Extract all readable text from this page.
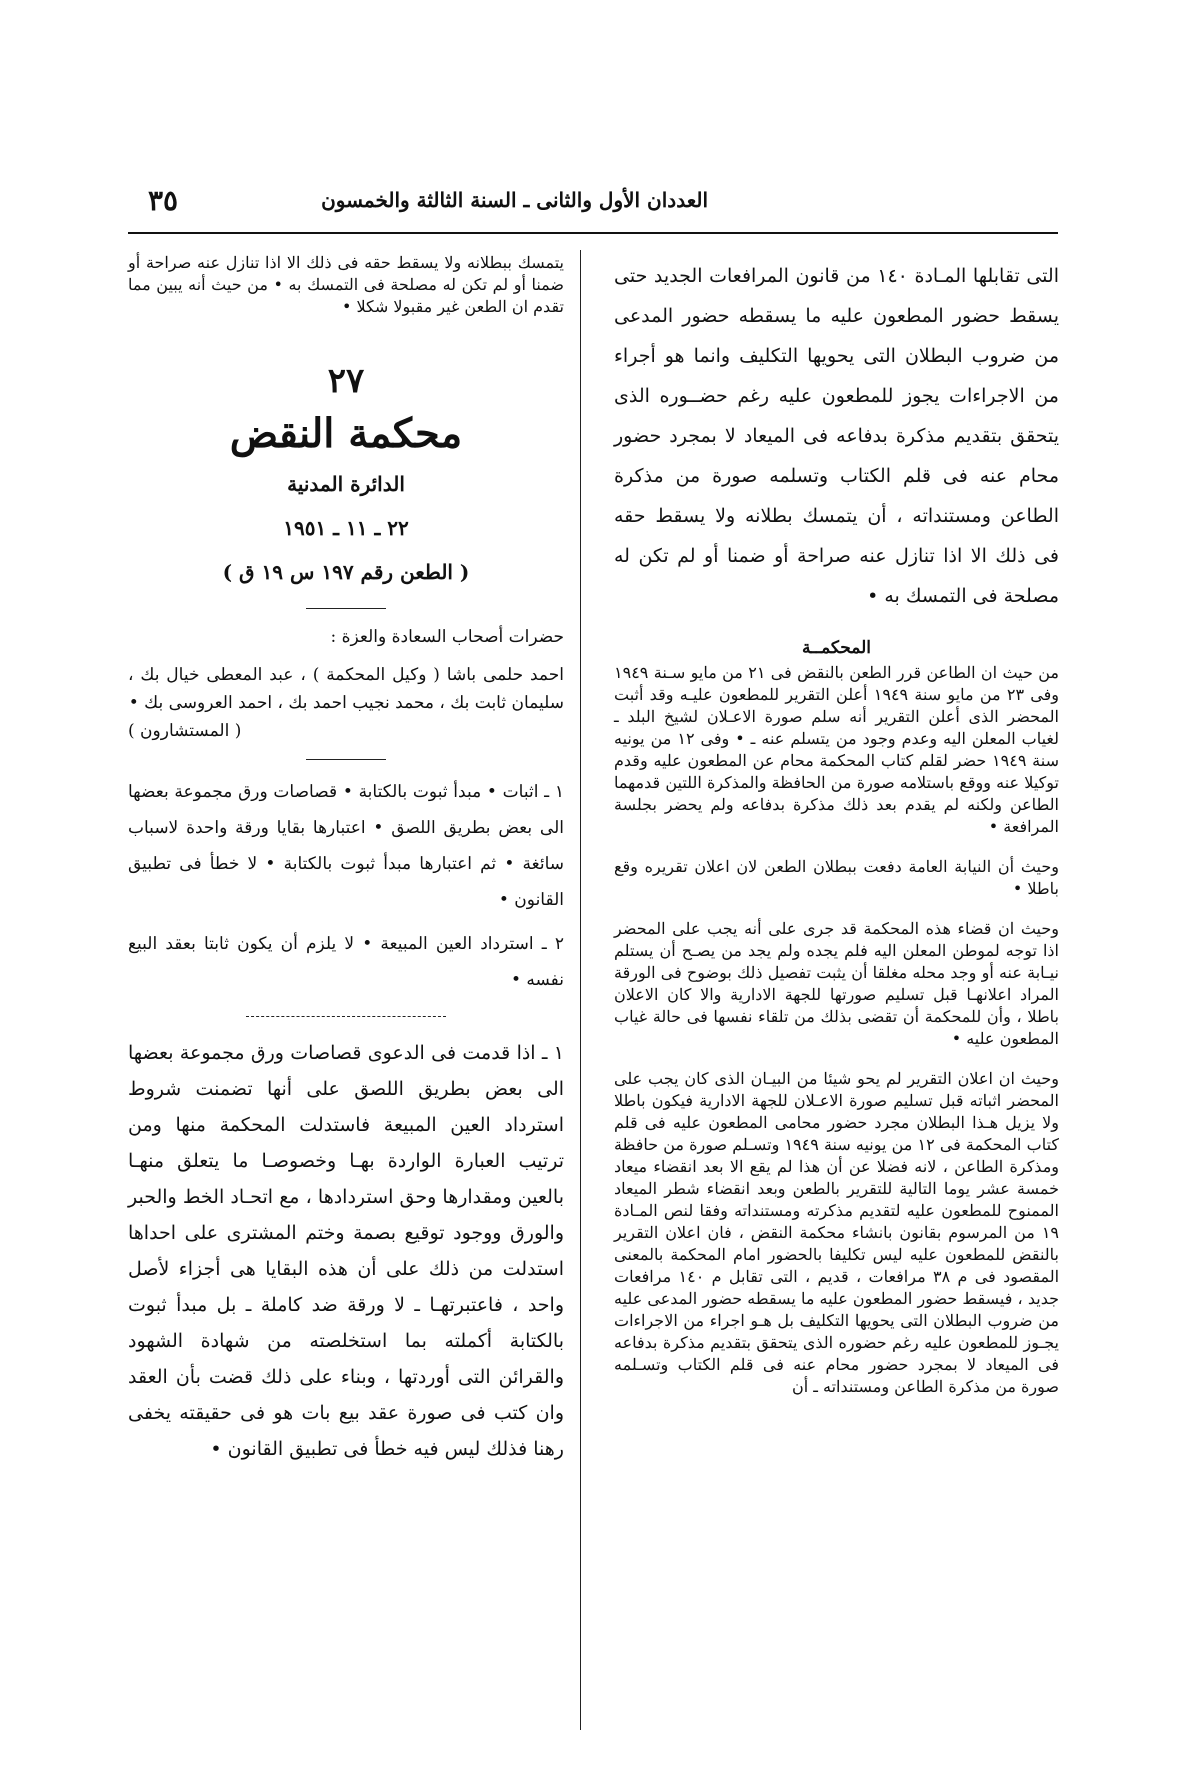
العددان الأول والثانى ـ السنة الثالثة والخمسون
٣٥

التى تقابلها المـادة ١٤٠ من قانون المرافعات الجديد حتى يسقط حضور المطعون عليه ما يسقطه حضور المدعى من ضروب البطلان التى يحويها التكليف وانما هو أجراء من الاجراءات يجوز للمطعون عليه رغم حضــوره الذى يتحقق بتقديم مذكرة بدفاعه فى الميعاد لا بمجرد حضور محام عنه فى قلم الكتاب وتسلمه صورة من مذكرة الطاعن ومستنداته ، أن يتمسك بطلانه ولا يسقط حقه فى ذلك الا اذا تنازل عنه صراحة أو ضمنا أو لم تكن له مصلحة فى التمسك به •

المحكمــة

من حيث ان الطاعن قرر الطعن بالنقض فى ٢١ من مايو سـنة ١٩٤٩ وفى ٢٣ من مايو سنة ١٩٤٩ أعلن التقرير للمطعون عليـه وقد أثبت المحضر الذى أعلن التقرير أنه سلم صورة الاعـلان لشيخ البلد ـ لغياب المعلن اليه وعدم وجود من يتسلم عنه ـ • وفى ١٢ من يونيه سنة ١٩٤٩ حضر لقلم كتاب المحكمة محام عن المطعون عليه وقدم توكيلا عنه ووقع باستلامه صورة من الحافظة والمذكرة اللتين قدمهما الطاعن ولكنه لم يقدم بعد ذلك مذكرة بدفاعه ولم يحضر بجلسة المرافعة •

وحيث أن النيابة العامة دفعت ببطلان الطعن لان اعلان تقريره وقع باطلا •

وحيث ان قضاء هذه المحكمة قد جرى على أنه يجب على المحضر اذا توجه لموطن المعلن اليه فلم يجده ولم يجد من يصـح أن يستلم نيـابة عنه أو وجد محله مغلقا أن يثبت تفصيل ذلك بوضوح فى الورقة المراد اعلانهـا قبل تسليم صورتها للجهة الادارية والا كان الاعلان باطلا ، وأن للمحكمة أن تقضى بذلك من تلقاء نفسها فى حالة غياب المطعون عليه •

وحيث ان اعلان التقرير لم يحو شيئا من البيـان الذى كان يجب على المحضر اثباته قبل تسليم صورة الاعـلان للجهة الادارية فيكون باطلا ولا يزيل هـذا البطلان مجرد حضور محامى المطعون عليه فى قلم كتاب المحكمة فى ١٢ من يونيه سنة ١٩٤٩ وتسـلم صورة من حافظة ومذكرة الطاعن ، لانه فضلا عن أن هذا لم يقع الا بعد انقضاء ميعاد خمسة عشر يوما التالية للتقرير بالطعن وبعد انقضاء شطر الميعاد الممنوح للمطعون عليه لتقديم مذكرته ومستنداته وفقا لنص المـادة ١٩ من المرسوم بقانون بانشاء محكمة النقض ، فان اعلان التقرير بالنقض للمطعون عليه ليس تكليفا بالحضور امام المحكمة بالمعنى المقصود فى م ٣٨ مرافعات ، قديم ، التى تقابل م ١٤٠ مرافعات جديد ، فيسقط حضور المطعون عليه ما يسقطه حضور المدعى عليه من ضروب البطلان التى يحويها التكليف بل هـو اجراء من الاجراءات يجـوز للمطعون عليه رغم حضوره الذى يتحقق بتقديم مذكرة بدفاعه فى الميعاد لا بمجرد حضور محام عنه فى قلم الكتاب وتسـلمه صورة من مذكرة الطاعن ومستنداته ـ أن

يتمسك ببطلانه ولا يسقط حقه فى ذلك الا اذا تنازل عنه صراحة أو ضمنا أو لم تكن له مصلحة فى التمسك به • من حيث أنه يبين مما تقدم ان الطعن غير مقبولا شكلا •

٢٧

محكمة النقض

الدائرة المدنية

٢٢ ـ ١١ ـ ١٩٥١

( الطعن رقم ١٩٧ س ١٩ ق )

حضرات أصحاب السعادة والعزة :

احمد حلمى باشا ( وكيل المحكمة ) ، عبد المعطى خيال بك ، سليمان ثابت بك ، محمد نجيب احمد بك ، احمد العروسى بك •

( المستشارون )

١ ـ اثبات • مبدأ ثبوت بالكتابة • قصاصات ورق مجموعة بعضها الى بعض بطريق اللصق • اعتبارها بقايا ورقة واحدة لاسباب سائغة • ثم اعتبارها مبدأ ثبوت بالكتابة • لا خطأ فى تطبيق القانون •

٢ ـ استرداد العين المبيعة • لا يلزم أن يكون ثابتا بعقد البيع نفسه •

١ ـ اذا قدمت فى الدعوى قصاصات ورق مجموعة بعضها الى بعض بطريق اللصق على أنها تضمنت شروط استرداد العين المبيعة فاستدلت المحكمة منها ومن ترتيب العبارة الواردة بهـا وخصوصـا ما يتعلق منهـا بالعين ومقدارها وحق استردادها ، مع اتحـاد الخط والحبر والورق ووجود توقيع بصمة وختم المشترى على احداها استدلت من ذلك على أن هذه البقايا هى أجزاء لأصل واحد ، فاعتبرتهـا ـ لا ورقة ضد كاملة ـ بل مبدأ ثبوت بالكتابة أكملته بما استخلصته من شهادة الشهود والقرائن التى أوردتها ، وبناء على ذلك قضت بأن العقد وان كتب فى صورة عقد بيع بات هو فى حقيقته يخفى رهنا فذلك ليس فيه خطأ فى تطبيق القانون •
